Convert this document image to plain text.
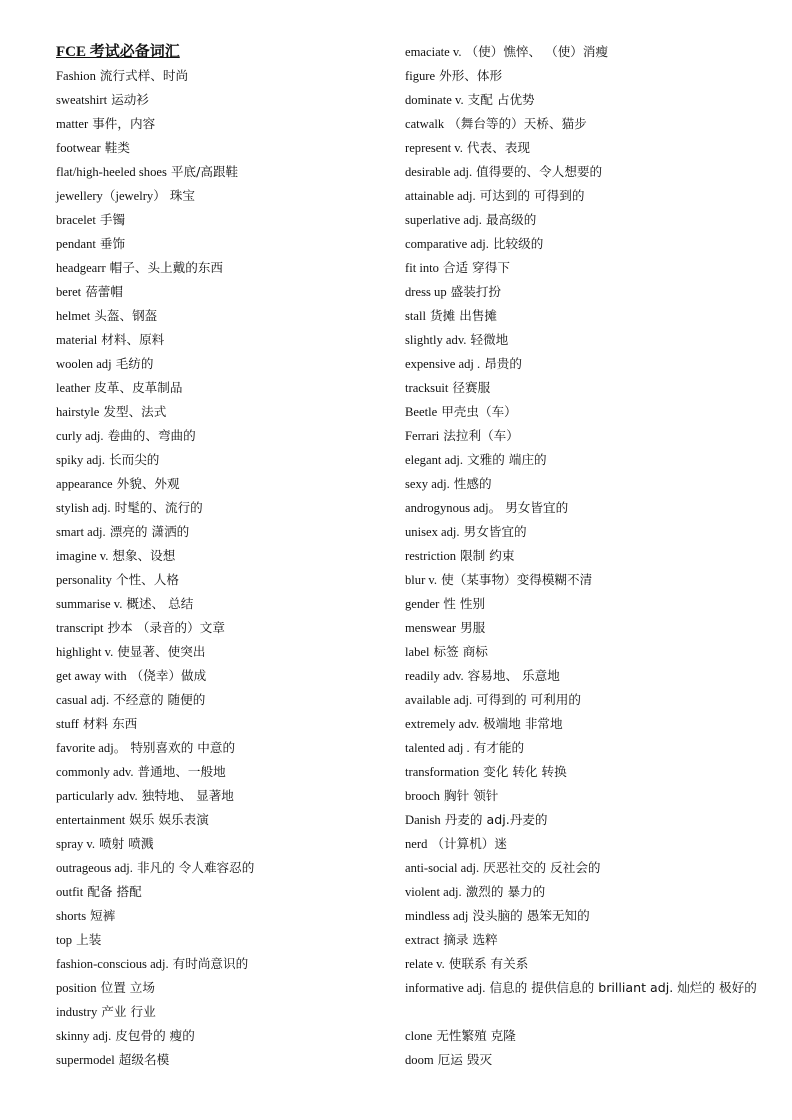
FCE 考试必备词汇
Fashion 流行式样、时尚
sweatshirt 运动衫
matter 事件，内容
footwear 鞋类
flat/high-heeled shoes 平底/高跟鞋
jewellery（jewelry） 珠宝
bracelet 手镯
pendant 垂饰
headgearr 帽子、头上戴的东西
beret 蓓蕾帽
helmet 头盔、钢盔
material 材料、原料
woolen adj 毛纺的
leather 皮革、皮革制品
hairstyle 发型、法式
curly adj. 卷曲的、弯曲的
spiky adj. 长而尖的
appearance 外貌、外观
stylish adj. 时髦的、流行的
smart adj. 漂亮的 潇洒的
imagine v. 想象、设想
personality 个性、人格
summarise v. 概述、 总结
transcript 抄本 （录音的）文章
highlight v. 使显著、使突出
get away with （侥幸）做成
casual adj. 不经意的 随便的
stuff 材料 东西
favorite adj。 特别喜欢的 中意的
commonly adv. 普通地、一般地
particularly adv. 独特地、 显著地
entertainment 娱乐 娱乐表演
spray v. 喷射 喷溅
outrageous adj. 非凡的 令人难容忍的
outfit 配备 搭配
shorts 短裤
top 上装
fashion-conscious adj. 有时尚意识的
position 位置 立场
industry 产业 行业
skinny adj. 皮包骨的 瘦的
supermodel 超级名模
emaciate v. （使）憔悴、 （使）消瘦
figure 外形、体形
dominate v. 支配 占优势
catwalk （舞台等的）天桥、猫步
represent v. 代表、表现
desirable adj. 值得要的、令人想要的
attainable adj. 可达到的 可得到的
superlative adj. 最高级的
comparative adj. 比较级的
fit into 合适 穿得下
dress up 盛装打扮
stall 货摊 出售摊
slightly adv. 轻微地
expensive adj . 昂贵的
tracksuit 径赛服
Beetle 甲壳虫（车）
Ferrari 法拉利（车）
elegant adj. 文雅的 端庄的
sexy adj. 性感的
androgynous adj。 男女皆宜的
unisex adj. 男女皆宜的
restriction 限制 约束
blur v. 使（某事物）变得模糊不清
gender 性 性别
menswear 男服
label 标签 商标
readily adv. 容易地、 乐意地
available adj. 可得到的 可利用的
extremely adv. 极端地 非常地
talented adj . 有才能的
transformation 变化 转化 转换
brooch 胸针 领针
Danish 丹麦的 adj.丹麦的
nerd （计算机）迷
anti-social adj. 厌恶社交的 反社会的
violent adj. 激烈的 暴力的
mindless adj 没头脑的 愚笨无知的
extract 摘录 选粹
relate v. 使联系 有关系
informative adj. 信息的 提供信息的 brilliant adj. 灿烂的 极好的
clone 无性繁殖 克隆
doom 厄运 毁灭
